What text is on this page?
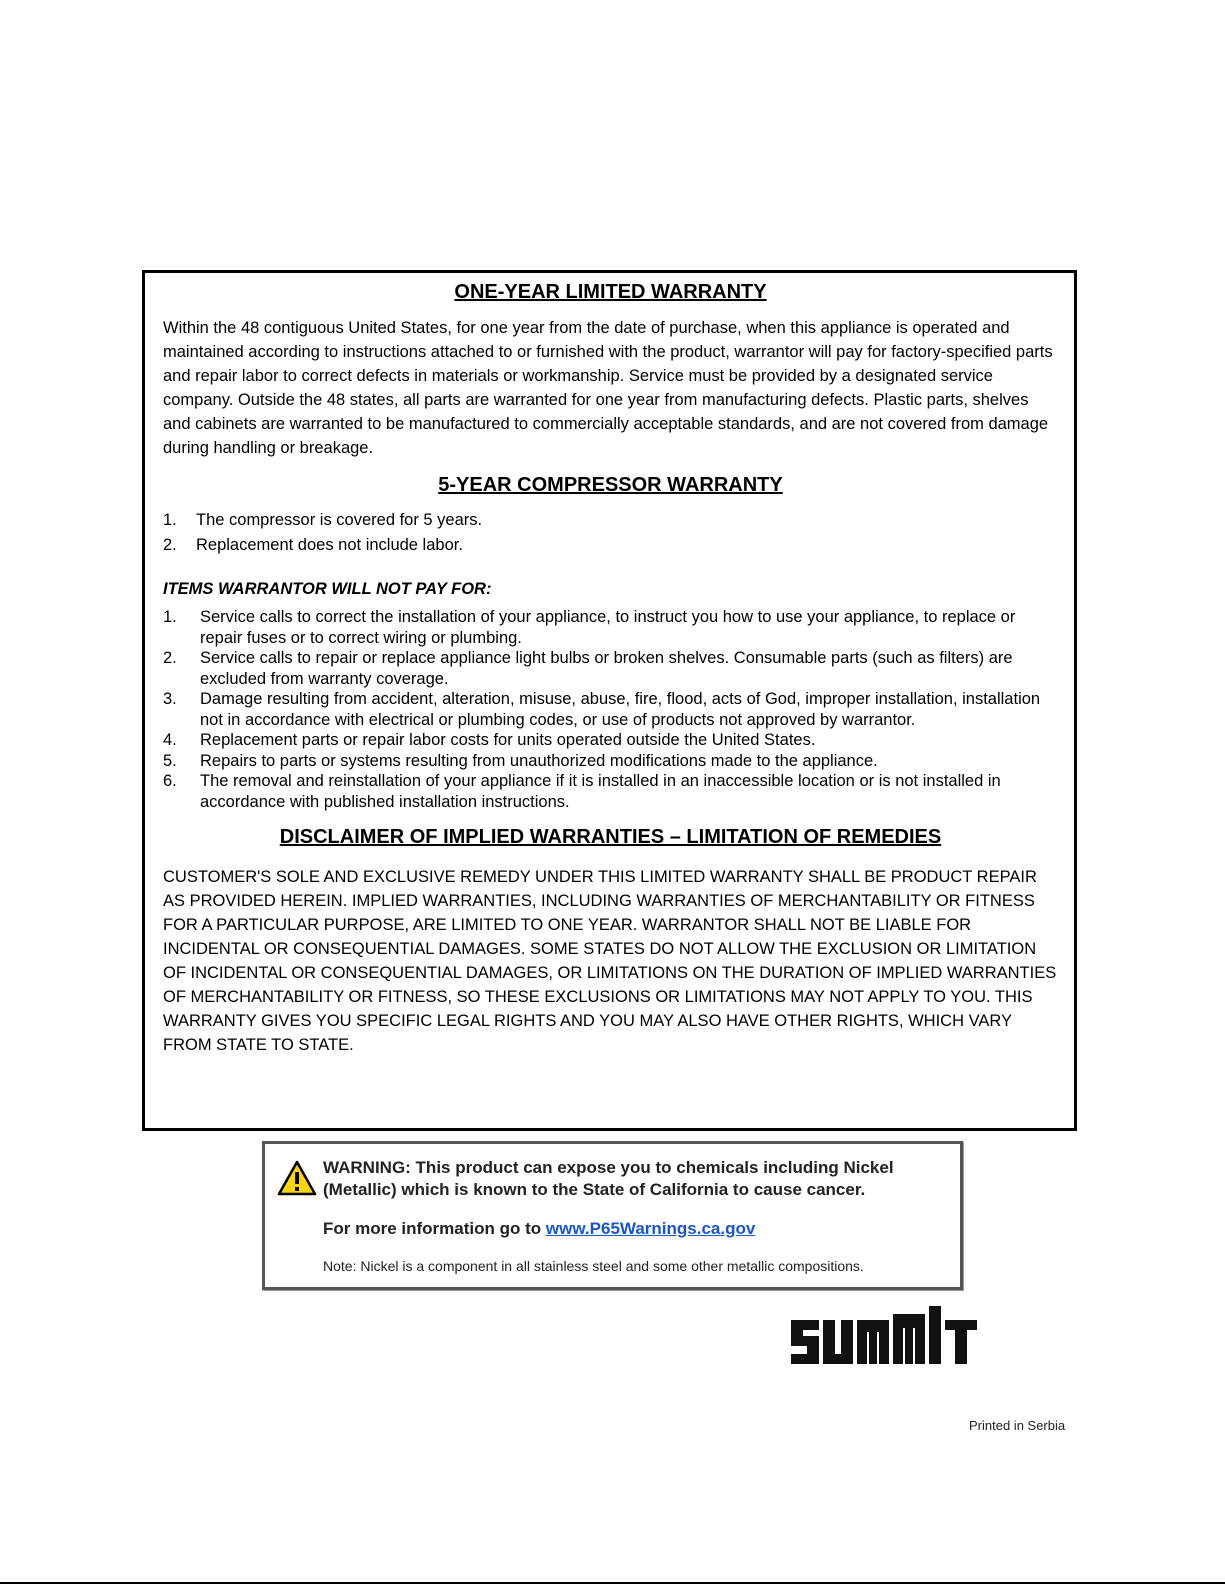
ONE-YEAR LIMITED WARRANTY

Within the 48 contiguous United States, for one year from the date of purchase, when this appliance is operated and maintained according to instructions attached to or furnished with the product, warrantor will pay for factory-specified parts and repair labor to correct defects in materials or workmanship. Service must be provided by a designated service company. Outside the 48 states, all parts are warranted for one year from manufacturing defects. Plastic parts, shelves and cabinets are warranted to be manufactured to commercially acceptable standards, and are not covered from damage during handling or breakage.

5-YEAR COMPRESSOR WARRANTY
1. The compressor is covered for 5 years.
2. Replacement does not include labor.
ITEMS WARRANTOR WILL NOT PAY FOR:
1. Service calls to correct the installation of your appliance, to instruct you how to use your appliance, to replace or repair fuses or to correct wiring or plumbing.
2. Service calls to repair or replace appliance light bulbs or broken shelves. Consumable parts (such as filters) are excluded from warranty coverage.
3. Damage resulting from accident, alteration, misuse, abuse, fire, flood, acts of God, improper installation, installation not in accordance with electrical or plumbing codes, or use of products not approved by warrantor.
4. Replacement parts or repair labor costs for units operated outside the United States.
5. Repairs to parts or systems resulting from unauthorized modifications made to the appliance.
6. The removal and reinstallation of your appliance if it is installed in an inaccessible location or is not installed in accordance with published installation instructions.
DISCLAIMER OF IMPLIED WARRANTIES – LIMITATION OF REMEDIES

CUSTOMER'S SOLE AND EXCLUSIVE REMEDY UNDER THIS LIMITED WARRANTY SHALL BE PRODUCT REPAIR AS PROVIDED HEREIN. IMPLIED WARRANTIES, INCLUDING WARRANTIES OF MERCHANTABILITY OR FITNESS FOR A PARTICULAR PURPOSE, ARE LIMITED TO ONE YEAR. WARRANTOR SHALL NOT BE LIABLE FOR INCIDENTAL OR CONSEQUENTIAL DAMAGES. SOME STATES DO NOT ALLOW THE EXCLUSION OR LIMITATION OF INCIDENTAL OR CONSEQUENTIAL DAMAGES, OR LIMITATIONS ON THE DURATION OF IMPLIED WARRANTIES OF MERCHANTABILITY OR FITNESS, SO THESE EXCLUSIONS OR LIMITATIONS MAY NOT APPLY TO YOU. THIS WARRANTY GIVES YOU SPECIFIC LEGAL RIGHTS AND YOU MAY ALSO HAVE OTHER RIGHTS, WHICH VARY FROM STATE TO STATE.

WARNING: This product can expose you to chemicals including Nickel (Metallic) which is known to the State of California to cause cancer.
For more information go to www.P65Warnings.ca.gov
Note: Nickel is a component in all stainless steel and some other metallic compositions.
Printed in Serbia
